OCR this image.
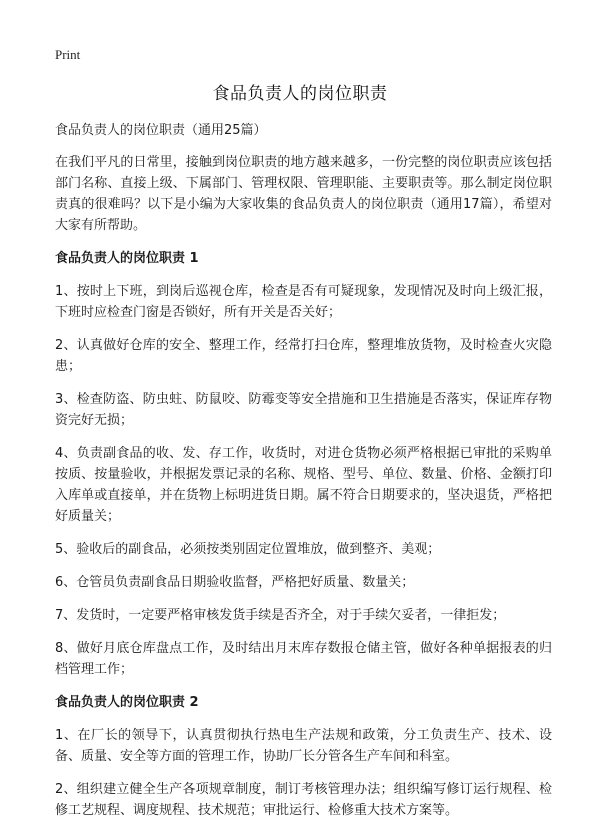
Print
食品负责人的岗位职责

食品负责人的岗位职责（通用25篇）

在我们平凡的日常里，接触到岗位职责的地方越来越多，一份完整的岗位职责应该包括部门名称、直接上级、下属部门、管理权限、管理职能、主要职责等。那么制定岗位职责真的很难吗？以下是小编为大家收集的食品负责人的岗位职责（通用17篇），希望对大家有所帮助。

食品负责人的岗位职责 1

1、按时上下班，到岗后巡视仓库，检查是否有可疑现象，发现情况及时向上级汇报，下班时应检查门窗是否锁好，所有开关是否关好；

2、认真做好仓库的安全、整理工作，经常打扫仓库，整理堆放货物，及时检查火灾隐患；

3、检查防盗、防虫蛀、防鼠咬、防霉变等安全措施和卫生措施是否落实，保证库存物资完好无损；

4、负责副食品的收、发、存工作，收货时，对进仓货物必须严格根据已审批的采购单按质、按量验收，并根据发票记录的名称、规格、型号、单位、数量、价格、金额打印入库单或直接单，并在货物上标明进货日期。属不符合日期要求的，坚决退货，严格把好质量关；

5、验收后的副食品，必须按类别固定位置堆放，做到整齐、美观；

6、仓管员负责副食品日期验收监督，严格把好质量、数量关；

7、发货时，一定要严格审核发货手续是否齐全，对于手续欠妥者，一律拒发；

8、做好月底仓库盘点工作，及时结出月末库存数报仓储主管，做好各种单据报表的归档管理工作；

食品负责人的岗位职责 2

1、在厂长的领导下，认真贯彻执行热电生产法规和政策，分工负责生产、技术、设备、质量、安全等方面的管理工作，协助厂长分管各生产车间和科室。

2、组织建立健全生产各项规章制度，制订考核管理办法；组织编写修订运行规程、检修工艺规程、调度规程、技术规范；审批运行、检修重大技术方案等。
